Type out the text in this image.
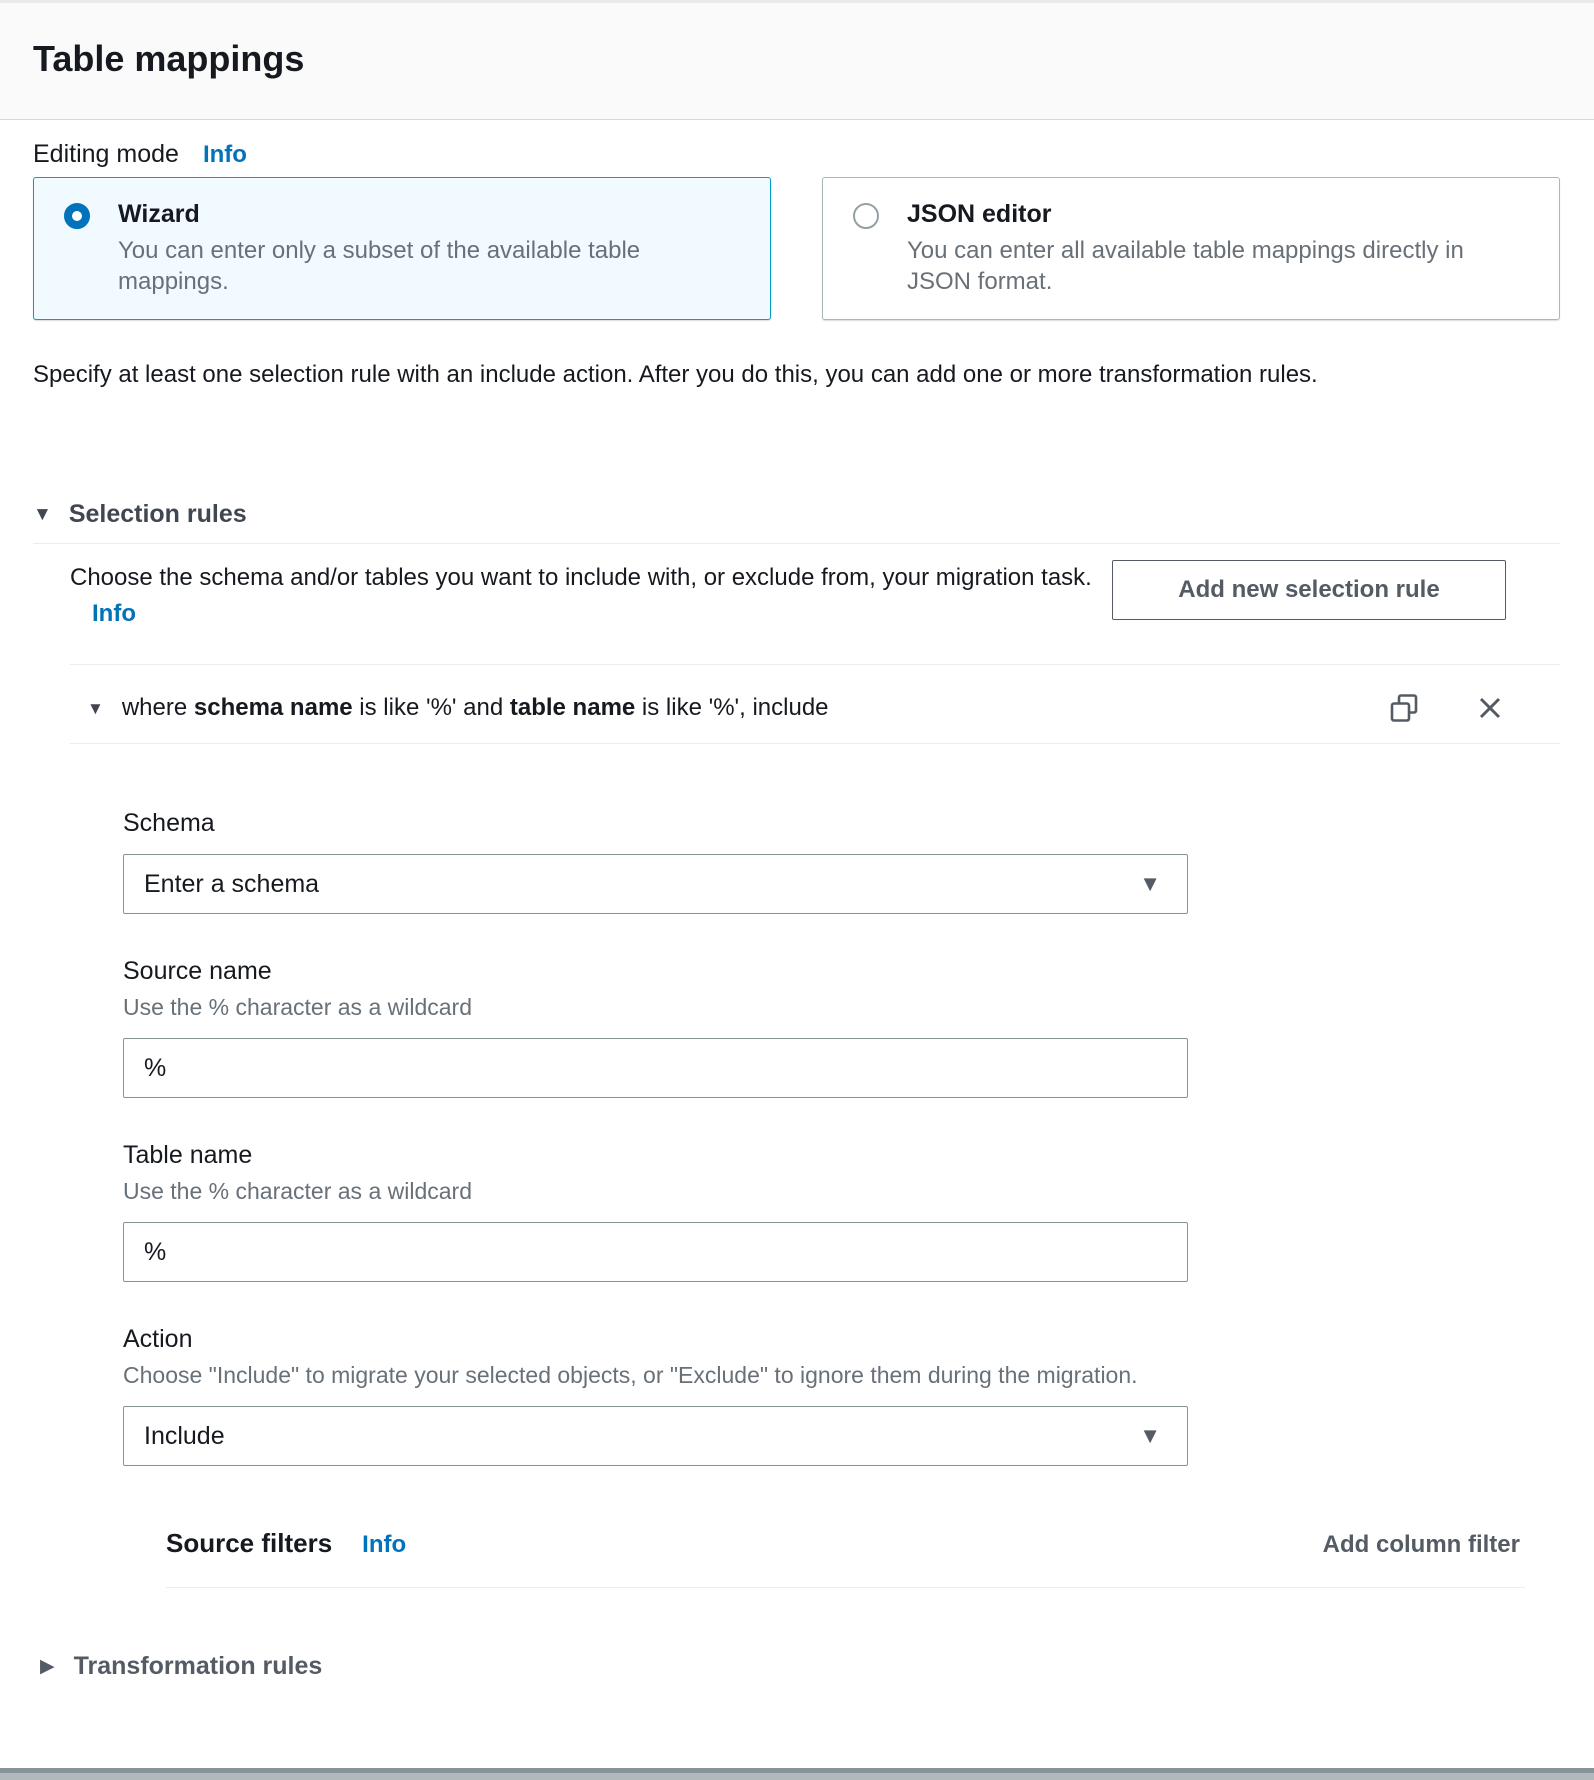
Table mappings
Editing mode Info
Wizard
You can enter only a subset of the available table mappings.
JSON editor
You can enter all available table mappings directly in JSON format.

Specify at least one selection rule with an include action. After you do this, you can add one or more transformation rules.

▼ Selection rules
Choose the schema and/or tables you want to include with, or exclude from, your migration task. Info
Add new selection rule
▼ where schema name is like '%' and table name is like '%', include
Schema
Enter a schema	▼
Source name
Use the % character as a wildcard
%
Table name
Use the % character as a wildcard
%
Action
Choose "Include" to migrate your selected objects, or "Exclude" to ignore them during the migration.
Include	▼
Source filters Info	Add column filter
▶ Transformation rules
